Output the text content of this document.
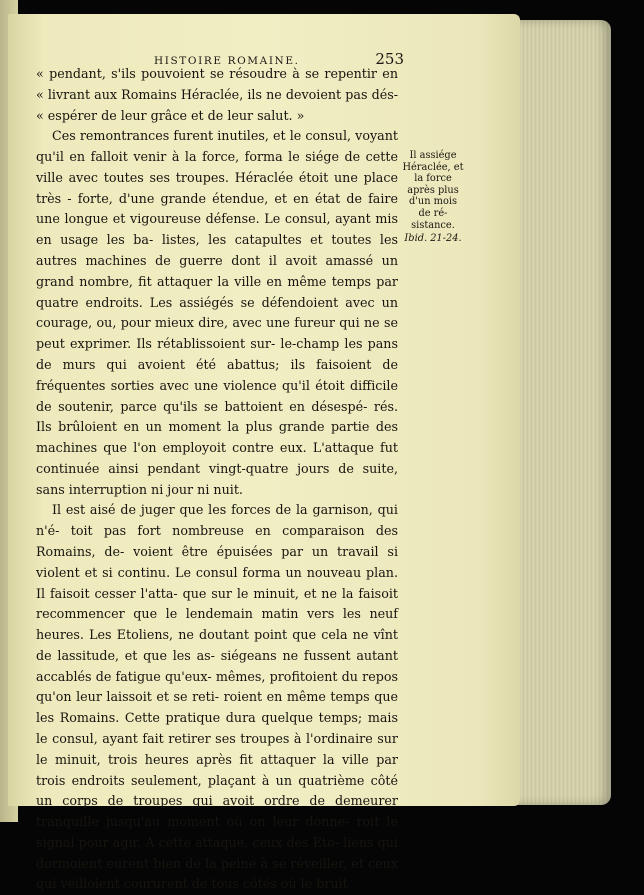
HISTOIRE ROMAINE.	253

« pendant, s'ils pouvoient se résoudre à se repentir en « livrant aux Romains Héraclée, ils ne devoient pas dés- « espérer de leur grâce et de leur salut. »

Ces remontrances furent inutiles, et le consul, voyant qu'il en falloit venir à la force, forma le siége de cette ville avec toutes ses troupes. Héraclée étoit une place très - forte, d'une grande étendue, et en état de faire une longue et vigoureuse défense. Le consul, ayant mis en usage les ba- listes, les catapultes et toutes les autres machines de guerre dont il avoit amassé un grand nombre, fit attaquer la ville en même temps par quatre endroits. Les assiégés se défendoient avec un courage, ou, pour mieux dire, avec une fureur qui ne se peut exprimer. Ils rétablissoient sur- le-champ les pans de murs qui avoient été abattus; ils faisoient de fréquentes sorties avec une violence qu'il étoit difficile de soutenir, parce qu'ils se battoient en désespé- rés. Ils brûloient en un moment la plus grande partie des machines que l'on employoit contre eux. L'attaque fut continuée ainsi pendant vingt-quatre jours de suite, sans interruption ni jour ni nuit.

Il est aisé de juger que les forces de la garnison, qui n'é- toit pas fort nombreuse en comparaison des Romains, de- voient être épuisées par un travail si violent et si continu. Le consul forma un nouveau plan. Il faisoit cesser l'atta- que sur le minuit, et ne la faisoit recommencer que le lendemain matin vers les neuf heures. Les Etoliens, ne doutant point que cela ne vînt de lassitude, et que les as- siégeans ne fussent autant accablés de fatigue qu'eux- mêmes, profitoient du repos qu'on leur laissoit et se reti- roient en même temps que les Romains. Cette pratique dura quelque temps; mais le consul, ayant fait retirer ses troupes à l'ordinaire sur le minuit, trois heures après fit attaquer la ville par trois endroits seulement, plaçant à un quatrième côté un corps de troupes qui avoit ordre de demeurer tranquille jusqu'au moment où on leur donne- roit le signal pour agir. A cette attaque, ceux des Eto- liens qui dormoient eurent bien de la peine à se réveiller, et ceux qui veilloient coururent de tous côtés où le bruit

Il assiége Héraclée, et la force après plus d'un mois de ré- sistance.
Ibid. 21-24.
